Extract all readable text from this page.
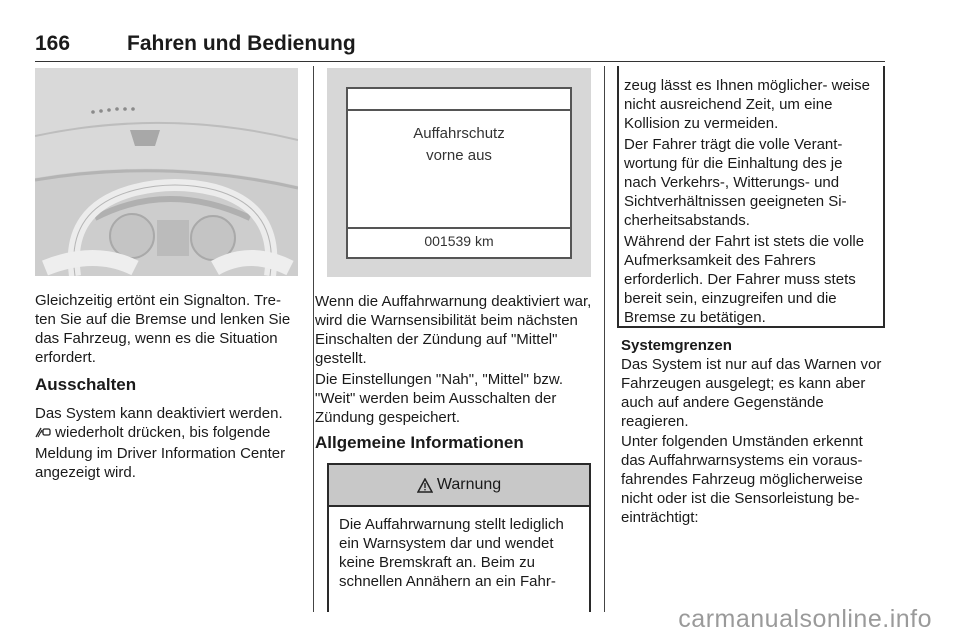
166	Fahren und Bedienung

Gleichzeitig ertönt ein Signalton. Tre- ten Sie auf die Bremse und lenken Sie das Fahrzeug, wenn es die Situation erfordert.

Ausschalten

Das System kann deaktiviert werden.
wiederholt drücken, bis folgende Meldung im Driver Information Center angezeigt wird.

Auffahrschutz
vorne aus
001539 km

Wenn die Auffahrwarnung deaktiviert war, wird die Warnsensibilität beim nächsten Einschalten der Zündung auf "Mittel" gestellt.

Die Einstellungen "Nah", "Mittel" bzw. "Weit" werden beim Ausschalten der Zündung gespeichert.

Allgemeine Informationen
Warnung

Die Auffahrwarnung stellt lediglich ein Warnsystem dar und wendet keine Bremskraft an. Beim zu schnellen Annähern an ein Fahr-

zeug lässt es Ihnen möglicher- weise nicht ausreichend Zeit, um eine Kollision zu vermeiden.

Der Fahrer trägt die volle Verant- wortung für die Einhaltung des je nach Verkehrs-, Witterungs- und Sichtverhältnissen geeigneten Si- cherheitsabstands.

Während der Fahrt ist stets die volle Aufmerksamkeit des Fahrers erforderlich. Der Fahrer muss stets bereit sein, einzugreifen und die Bremse zu betätigen.

Systemgrenzen

Das System ist nur auf das Warnen vor Fahrzeugen ausgelegt; es kann aber auch auf andere Gegenstände reagieren.

Unter folgenden Umständen erkennt das Auffahrwarnsystems ein voraus- fahrendes Fahrzeug möglicherweise nicht oder ist die Sensorleistung be- einträchtigt:

carmanualsonline.info
